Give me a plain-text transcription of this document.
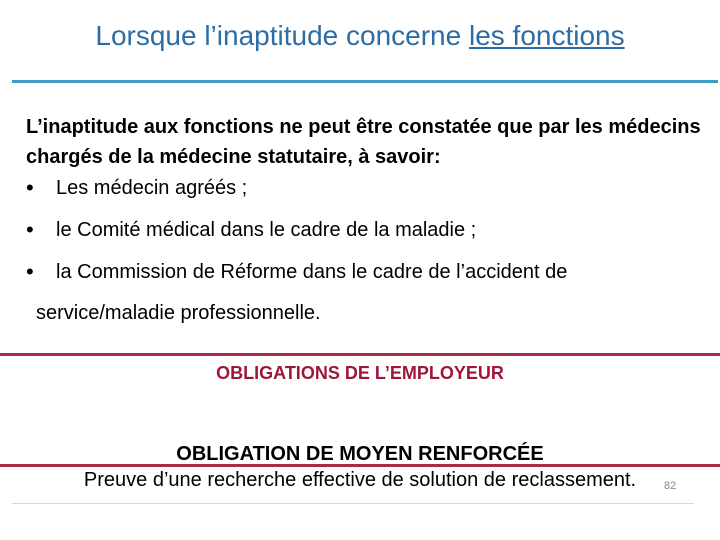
Lorsque l’inaptitude concerne les fonctions
L’inaptitude aux fonctions ne peut être constatée que par les médecins chargés de la médecine statutaire, à savoir:
• Les médecin agréés ;
• le Comité médical dans le cadre de la maladie ;
• la Commission de Réforme dans le cadre de l’accident de
service/maladie professionnelle.
OBLIGATIONS DE L’EMPLOYEUR
OBLIGATION DE MOYEN RENFORCÉE
Preuve d’une recherche effective de solution de reclassement.	82
